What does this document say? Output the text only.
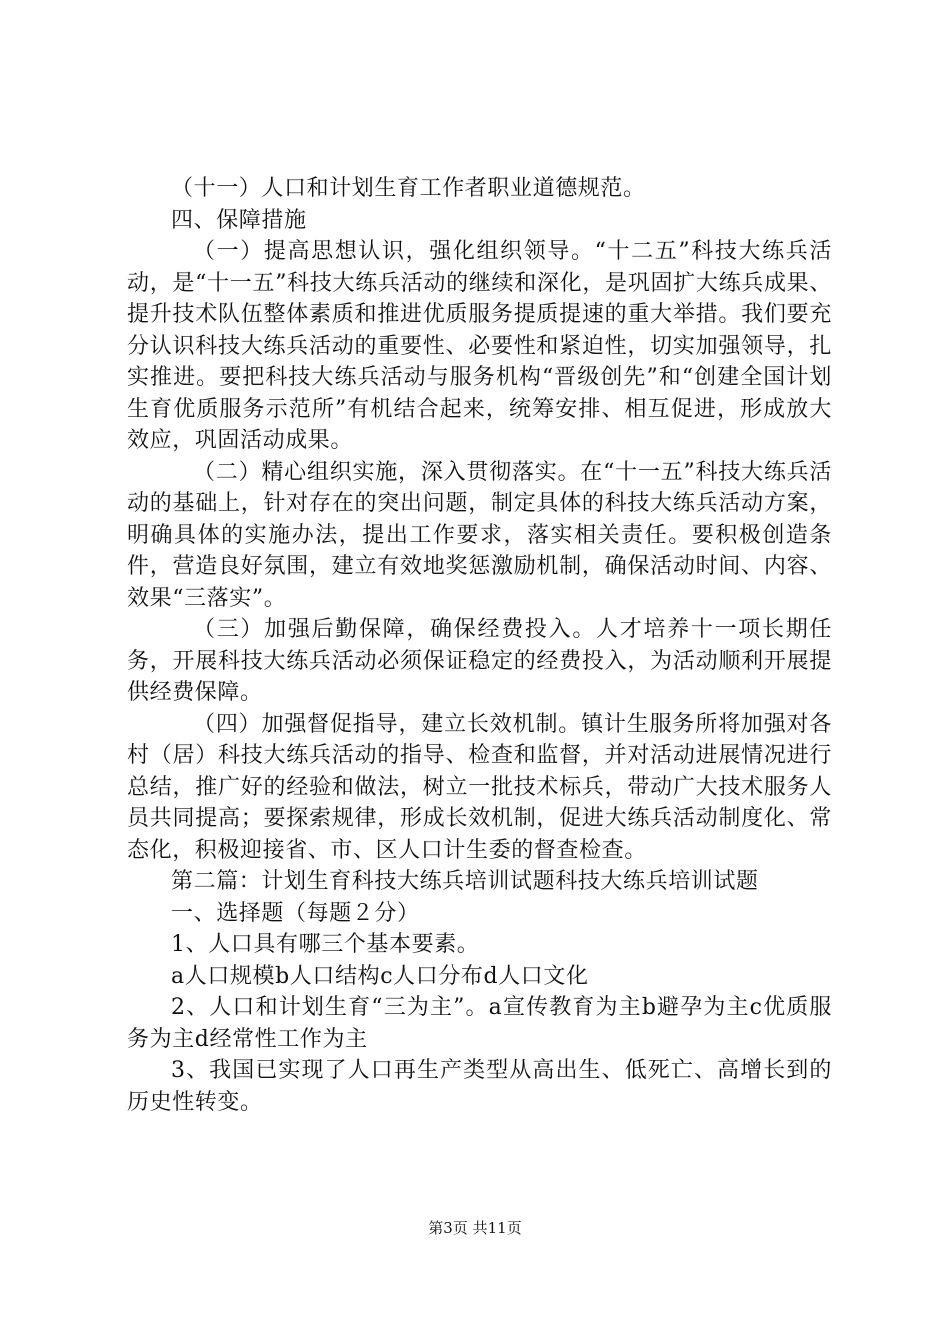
（十一）人口和计划生育工作者职业道德规范。

四、保障措施

（一）提高思想认识，强化组织领导。“十二五”科技大练兵活动，是“十一五”科技大练兵活动的继续和深化，是巩固扩大练兵成果、提升技术队伍整体素质和推进优质服务提质提速的重大举措。我们要充分认识科技大练兵活动的重要性、必要性和紧迫性，切实加强领导，扎实推进。要把科技大练兵活动与服务机构“晋级创先”和“创建全国计划生育优质服务示范所”有机结合起来，统筹安排、相互促进，形成放大效应，巩固活动成果。

（二）精心组织实施，深入贯彻落实。在“十一五”科技大练兵活动的基础上，针对存在的突出问题，制定具体的科技大练兵活动方案，明确具体的实施办法，提出工作要求，落实相关责任。要积极创造条件，营造良好氛围，建立有效地奖惩激励机制，确保活动时间、内容、效果“三落实”。

（三）加强后勤保障，确保经费投入。人才培养十一项长期任务，开展科技大练兵活动必须保证稳定的经费投入，为活动顺利开展提供经费保障。

（四）加强督促指导，建立长效机制。镇计生服务所将加强对各村（居）科技大练兵活动的指导、检查和监督，并对活动进展情况进行总结，推广好的经验和做法，树立一批技术标兵，带动广大技术服务人员共同提高；要探索规律，形成长效机制，促进大练兵活动制度化、常态化，积极迎接省、市、区人口计生委的督查检查。

第二篇：计划生育科技大练兵培训试题科技大练兵培训试题

一、选择题（每题２分）

1、人口具有哪三个基本要素。

a人口规模b人口结构c人口分布d人口文化

2、人口和计划生育“三为主”。a宣传教育为主b避孕为主c优质服务为主d经常性工作为主

3、我国已实现了人口再生产类型从高出生、低死亡、高增长到的历史性转变。

第3页 共11页
